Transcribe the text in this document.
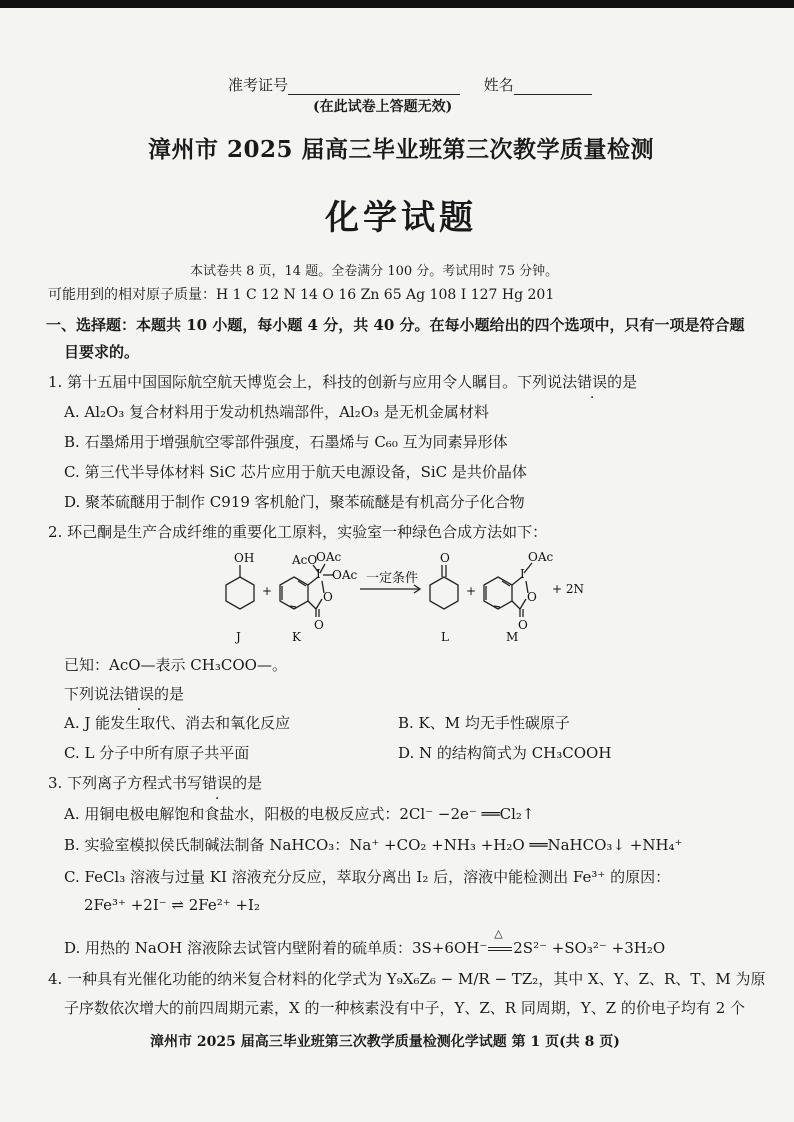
准考证号	姓名
(在此试卷上答题无效)
漳州市 2025 届高三毕业班第三次教学质量检测
化学试题
本试卷共 8 页，14 题。全卷满分 100 分。考试用时 75 分钟。
可能用到的相对原子质量：H 1 C 12 N 14 O 16 Zn 65 Ag 108 I 127 Hg 201
一、选择题：本题共 10 小题，每小题 4 分，共 40 分。在每小题给出的四个选项中，只有一项是符合题
目要求的。
1. 第十五届中国国际航空航天博览会上，科技的创新与应用令人瞩目。下列说法错误的是
A. Al₂O₃ 复合材料用于发动机热端部件，Al₂O₃ 是无机金属材料
B. 石墨烯用于增强航空零部件强度，石墨烯与 C₆₀ 互为同素异形体
C. 第三代半导体材料 SiC 芯片应用于航天电源设备，SiC 是共价晶体
D. 聚苯硫醚用于制作 C919 客机舱门，聚苯硫醚是有机高分子化合物
2. 环己酮是生产合成纤维的重要化工原料，实验室一种绿色合成方法如下：
OH
+
AcO
OAc
OAc
I
O
O
一定条件
O
+
OAc
I
O
O
+ 2N
J	K	L	M
已知：AcO—表示 CH₃COO—。
下列说法错误的是
A. J 能发生取代、消去和氧化反应	B. K、M 均无手性碳原子
C. L 分子中所有原子共平面	D. N 的结构简式为 CH₃COOH
3. 下列离子方程式书写错误的是
A. 用铜电极电解饱和食盐水，阳极的电极反应式：2Cl⁻ −2e⁻ ══Cl₂↑
B. 实验室模拟侯氏制碱法制备 NaHCO₃：Na⁺ +CO₂ +NH₃ +H₂O ══NaHCO₃↓ +NH₄⁺
C. FeCl₃ 溶液与过量 KI 溶液充分反应，萃取分离出 I₂ 后，溶液中能检测出 Fe³⁺ 的原因：
2Fe³⁺ +2I⁻ ⇌ 2Fe²⁺ +I₂
D. 用热的 NaOH 溶液除去试管内壁附着的硫单质：3S+6OH⁻
△
2S²⁻ +SO₃²⁻ +3H₂O
4. 一种具有光催化功能的纳米复合材料的化学式为 Y₉X₆Z₆ − M/R − TZ₂，其中 X、Y、Z、R、T、M 为原
子序数依次增大的前四周期元素，X 的一种核素没有中子，Y、Z、R 同周期，Y、Z 的价电子均有 2 个
漳州市 2025 届高三毕业班第三次教学质量检测化学试题 第 1 页(共 8 页)
